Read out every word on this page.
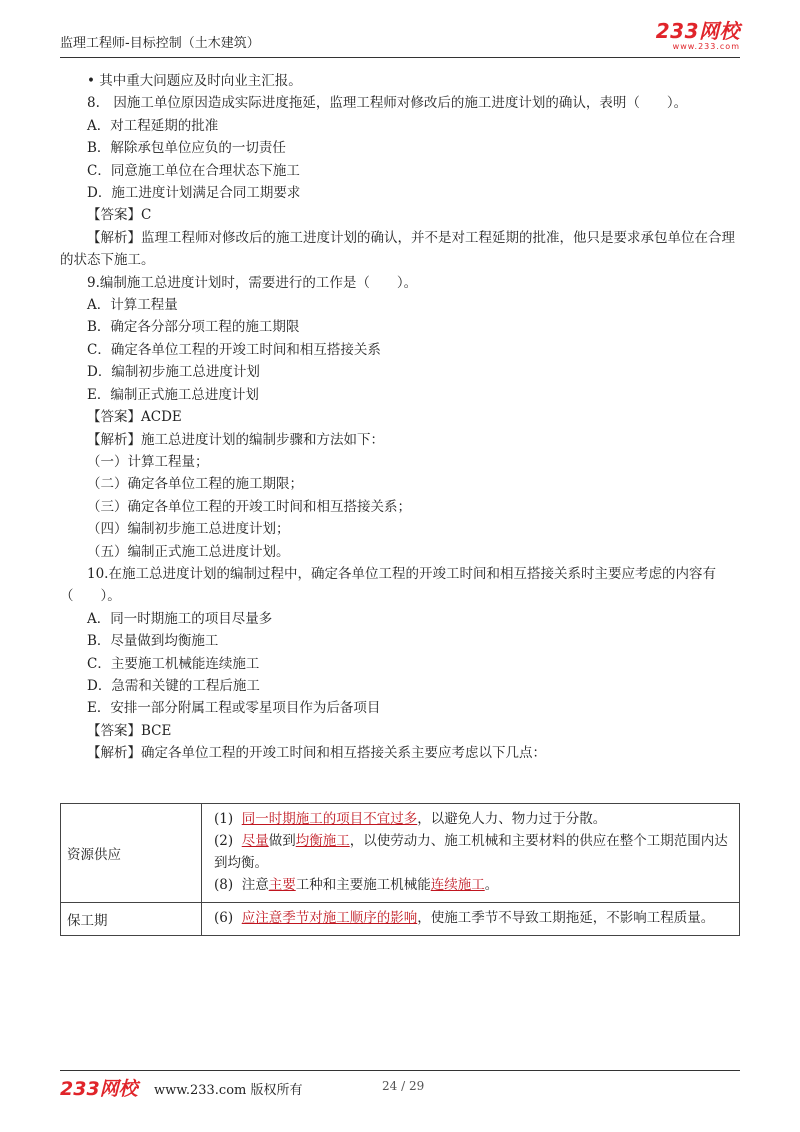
监理工程师-目标控制（土木建筑）
233网校
www.233.com

• 其中重大问题应及时向业主汇报。

8.　因施工单位原因造成实际进度拖延，监理工程师对修改后的施工进度计划的确认，表明（　　）。

A．对工程延期的批准

B．解除承包单位应负的一切责任

C．同意施工单位在合理状态下施工

D．施工进度计划满足合同工期要求

【答案】C

【解析】监理工程师对修改后的施工进度计划的确认，并不是对工程延期的批准，他只是要求承包单位在合理的状态下施工。

9.编制施工总进度计划时，需要进行的工作是（　　）。

A．计算工程量

B．确定各分部分项工程的施工期限

C．确定各单位工程的开竣工时间和相互搭接关系

D．编制初步施工总进度计划

E．编制正式施工总进度计划

【答案】ACDE

【解析】施工总进度计划的编制步骤和方法如下：

（一）计算工程量；

（二）确定各单位工程的施工期限；

（三）确定各单位工程的开竣工时间和相互搭接关系；

（四）编制初步施工总进度计划；

（五）编制正式施工总进度计划。

10.在施工总进度计划的编制过程中，确定各单位工程的开竣工时间和相互搭接关系时主要应考虑的内容有（　　）。

A．同一时期施工的项目尽量多

B．尽量做到均衡施工

C．主要施工机械能连续施工

D．急需和关键的工程后施工

E．安排一部分附属工程或零星项目作为后备项目

【答案】BCE

【解析】确定各单位工程的开竣工时间和相互搭接关系主要应考虑以下几点：

资源供应	(1) 同一时期施工的项目不宜过多，以避免人力、物力过于分散。
(2) 尽量做到均衡施工，以使劳动力、施工机械和主要材料的供应在整个工期范围内达到均衡。
(8) 注意主要工种和主要施工机械能连续施工。

保工期	(6) 应注意季节对施工顺序的影响，使施工季节不导致工期拖延，不影响工程质量。
233网校 www.233.com 版权所有	24 / 29
